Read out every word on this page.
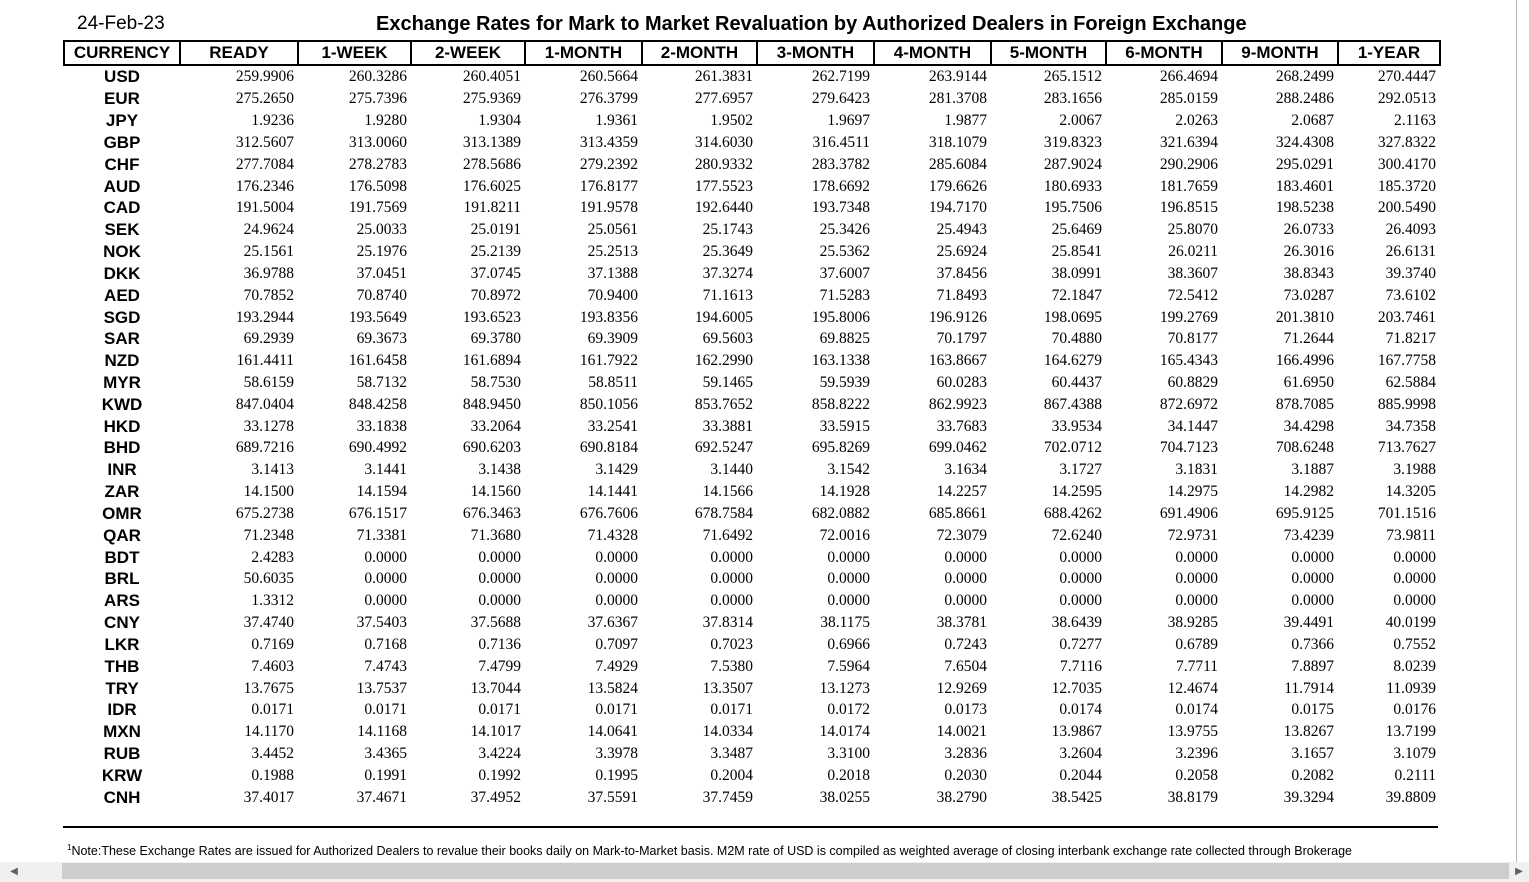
24-Feb-23	Exchange Rates for Mark to Market Revaluation by Authorized Dealers in Foreign Exchange
CURRENCY	READY	1-WEEK	2-WEEK	1-MONTH	2-MONTH	3-MONTH	4-MONTH	5-MONTH	6-MONTH	9-MONTH	1-YEAR
USD	259.9906	260.3286	260.4051	260.5664	261.3831	262.7199	263.9144	265.1512	266.4694	268.2499	270.4447
EUR	275.2650	275.7396	275.9369	276.3799	277.6957	279.6423	281.3708	283.1656	285.0159	288.2486	292.0513
JPY	1.9236	1.9280	1.9304	1.9361	1.9502	1.9697	1.9877	2.0067	2.0263	2.0687	2.1163
GBP	312.5607	313.0060	313.1389	313.4359	314.6030	316.4511	318.1079	319.8323	321.6394	324.4308	327.8322
CHF	277.7084	278.2783	278.5686	279.2392	280.9332	283.3782	285.6084	287.9024	290.2906	295.0291	300.4170
AUD	176.2346	176.5098	176.6025	176.8177	177.5523	178.6692	179.6626	180.6933	181.7659	183.4601	185.3720
CAD	191.5004	191.7569	191.8211	191.9578	192.6440	193.7348	194.7170	195.7506	196.8515	198.5238	200.5490
SEK	24.9624	25.0033	25.0191	25.0561	25.1743	25.3426	25.4943	25.6469	25.8070	26.0733	26.4093
NOK	25.1561	25.1976	25.2139	25.2513	25.3649	25.5362	25.6924	25.8541	26.0211	26.3016	26.6131
DKK	36.9788	37.0451	37.0745	37.1388	37.3274	37.6007	37.8456	38.0991	38.3607	38.8343	39.3740
AED	70.7852	70.8740	70.8972	70.9400	71.1613	71.5283	71.8493	72.1847	72.5412	73.0287	73.6102
SGD	193.2944	193.5649	193.6523	193.8356	194.6005	195.8006	196.9126	198.0695	199.2769	201.3810	203.7461
SAR	69.2939	69.3673	69.3780	69.3909	69.5603	69.8825	70.1797	70.4880	70.8177	71.2644	71.8217
NZD	161.4411	161.6458	161.6894	161.7922	162.2990	163.1338	163.8667	164.6279	165.4343	166.4996	167.7758
MYR	58.6159	58.7132	58.7530	58.8511	59.1465	59.5939	60.0283	60.4437	60.8829	61.6950	62.5884
KWD	847.0404	848.4258	848.9450	850.1056	853.7652	858.8222	862.9923	867.4388	872.6972	878.7085	885.9998
HKD	33.1278	33.1838	33.2064	33.2541	33.3881	33.5915	33.7683	33.9534	34.1447	34.4298	34.7358
BHD	689.7216	690.4992	690.6203	690.8184	692.5247	695.8269	699.0462	702.0712	704.7123	708.6248	713.7627
INR	3.1413	3.1441	3.1438	3.1429	3.1440	3.1542	3.1634	3.1727	3.1831	3.1887	3.1988
ZAR	14.1500	14.1594	14.1560	14.1441	14.1566	14.1928	14.2257	14.2595	14.2975	14.2982	14.3205
OMR	675.2738	676.1517	676.3463	676.7606	678.7584	682.0882	685.8661	688.4262	691.4906	695.9125	701.1516
QAR	71.2348	71.3381	71.3680	71.4328	71.6492	72.0016	72.3079	72.6240	72.9731	73.4239	73.9811
BDT	2.4283	0.0000	0.0000	0.0000	0.0000	0.0000	0.0000	0.0000	0.0000	0.0000	0.0000
BRL	50.6035	0.0000	0.0000	0.0000	0.0000	0.0000	0.0000	0.0000	0.0000	0.0000	0.0000
ARS	1.3312	0.0000	0.0000	0.0000	0.0000	0.0000	0.0000	0.0000	0.0000	0.0000	0.0000
CNY	37.4740	37.5403	37.5688	37.6367	37.8314	38.1175	38.3781	38.6439	38.9285	39.4491	40.0199
LKR	0.7169	0.7168	0.7136	0.7097	0.7023	0.6966	0.7243	0.7277	0.6789	0.7366	0.7552
THB	7.4603	7.4743	7.4799	7.4929	7.5380	7.5964	7.6504	7.7116	7.7711	7.8897	8.0239
TRY	13.7675	13.7537	13.7044	13.5824	13.3507	13.1273	12.9269	12.7035	12.4674	11.7914	11.0939
IDR	0.0171	0.0171	0.0171	0.0171	0.0171	0.0172	0.0173	0.0174	0.0174	0.0175	0.0176
MXN	14.1170	14.1168	14.1017	14.0641	14.0334	14.0174	14.0021	13.9867	13.9755	13.8267	13.7199
RUB	3.4452	3.4365	3.4224	3.3978	3.3487	3.3100	3.2836	3.2604	3.2396	3.1657	3.1079
KRW	0.1988	0.1991	0.1992	0.1995	0.2004	0.2018	0.2030	0.2044	0.2058	0.2082	0.2111
CNH	37.4017	37.4671	37.4952	37.5591	37.7459	38.0255	38.2790	38.5425	38.8179	39.3294	39.8809
$^1$Note:These Exchange Rates are issued for Authorized Dealers to revalue their books daily on Mark-to-Market basis. M2M rate of USD is compiled as weighted average of closing interbank exchange rate collected through Brokerage
◀	▶
